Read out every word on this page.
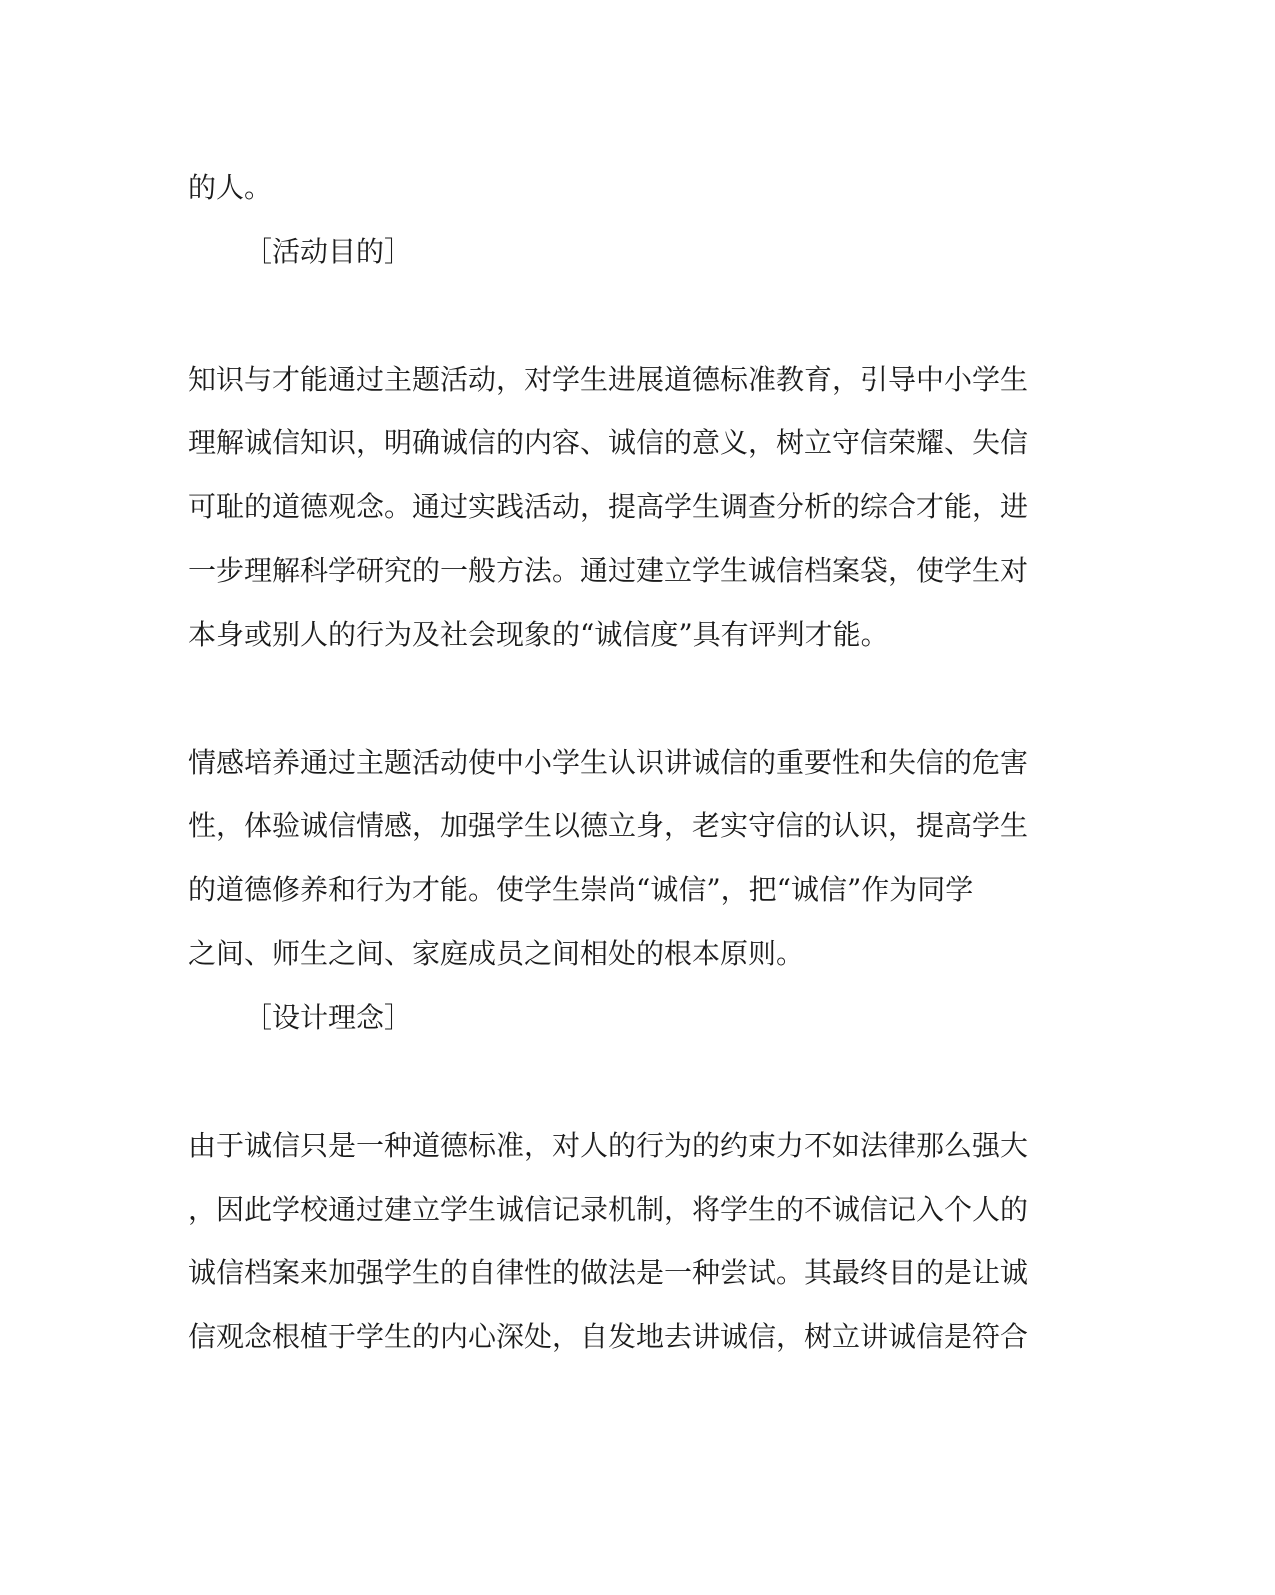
的人。

［活动目的］

知识与才能通过主题活动，对学生进展道德标准教育，引导中小学生

理解诚信知识，明确诚信的内容、诚信的意义，树立守信荣耀、失信

可耻的道德观念。通过实践活动，提高学生调查分析的综合才能，进

一步理解科学研究的一般方法。通过建立学生诚信档案袋，使学生对

本身或别人的行为及社会现象的“诚信度”具有评判才能。

情感培养通过主题活动使中小学生认识讲诚信的重要性和失信的危害

性，体验诚信情感，加强学生以德立身，老实守信的认识，提高学生

的道德修养和行为才能。使学生崇尚“诚信”，把“诚信”作为同学

之间、师生之间、家庭成员之间相处的根本原则。

［设计理念］

由于诚信只是一种道德标准，对人的行为的约束力不如法律那么强大

，因此学校通过建立学生诚信记录机制，将学生的不诚信记入个人的

诚信档案来加强学生的自律性的做法是一种尝试。其最终目的是让诚

信观念根植于学生的内心深处，自发地去讲诚信，树立讲诚信是符合
